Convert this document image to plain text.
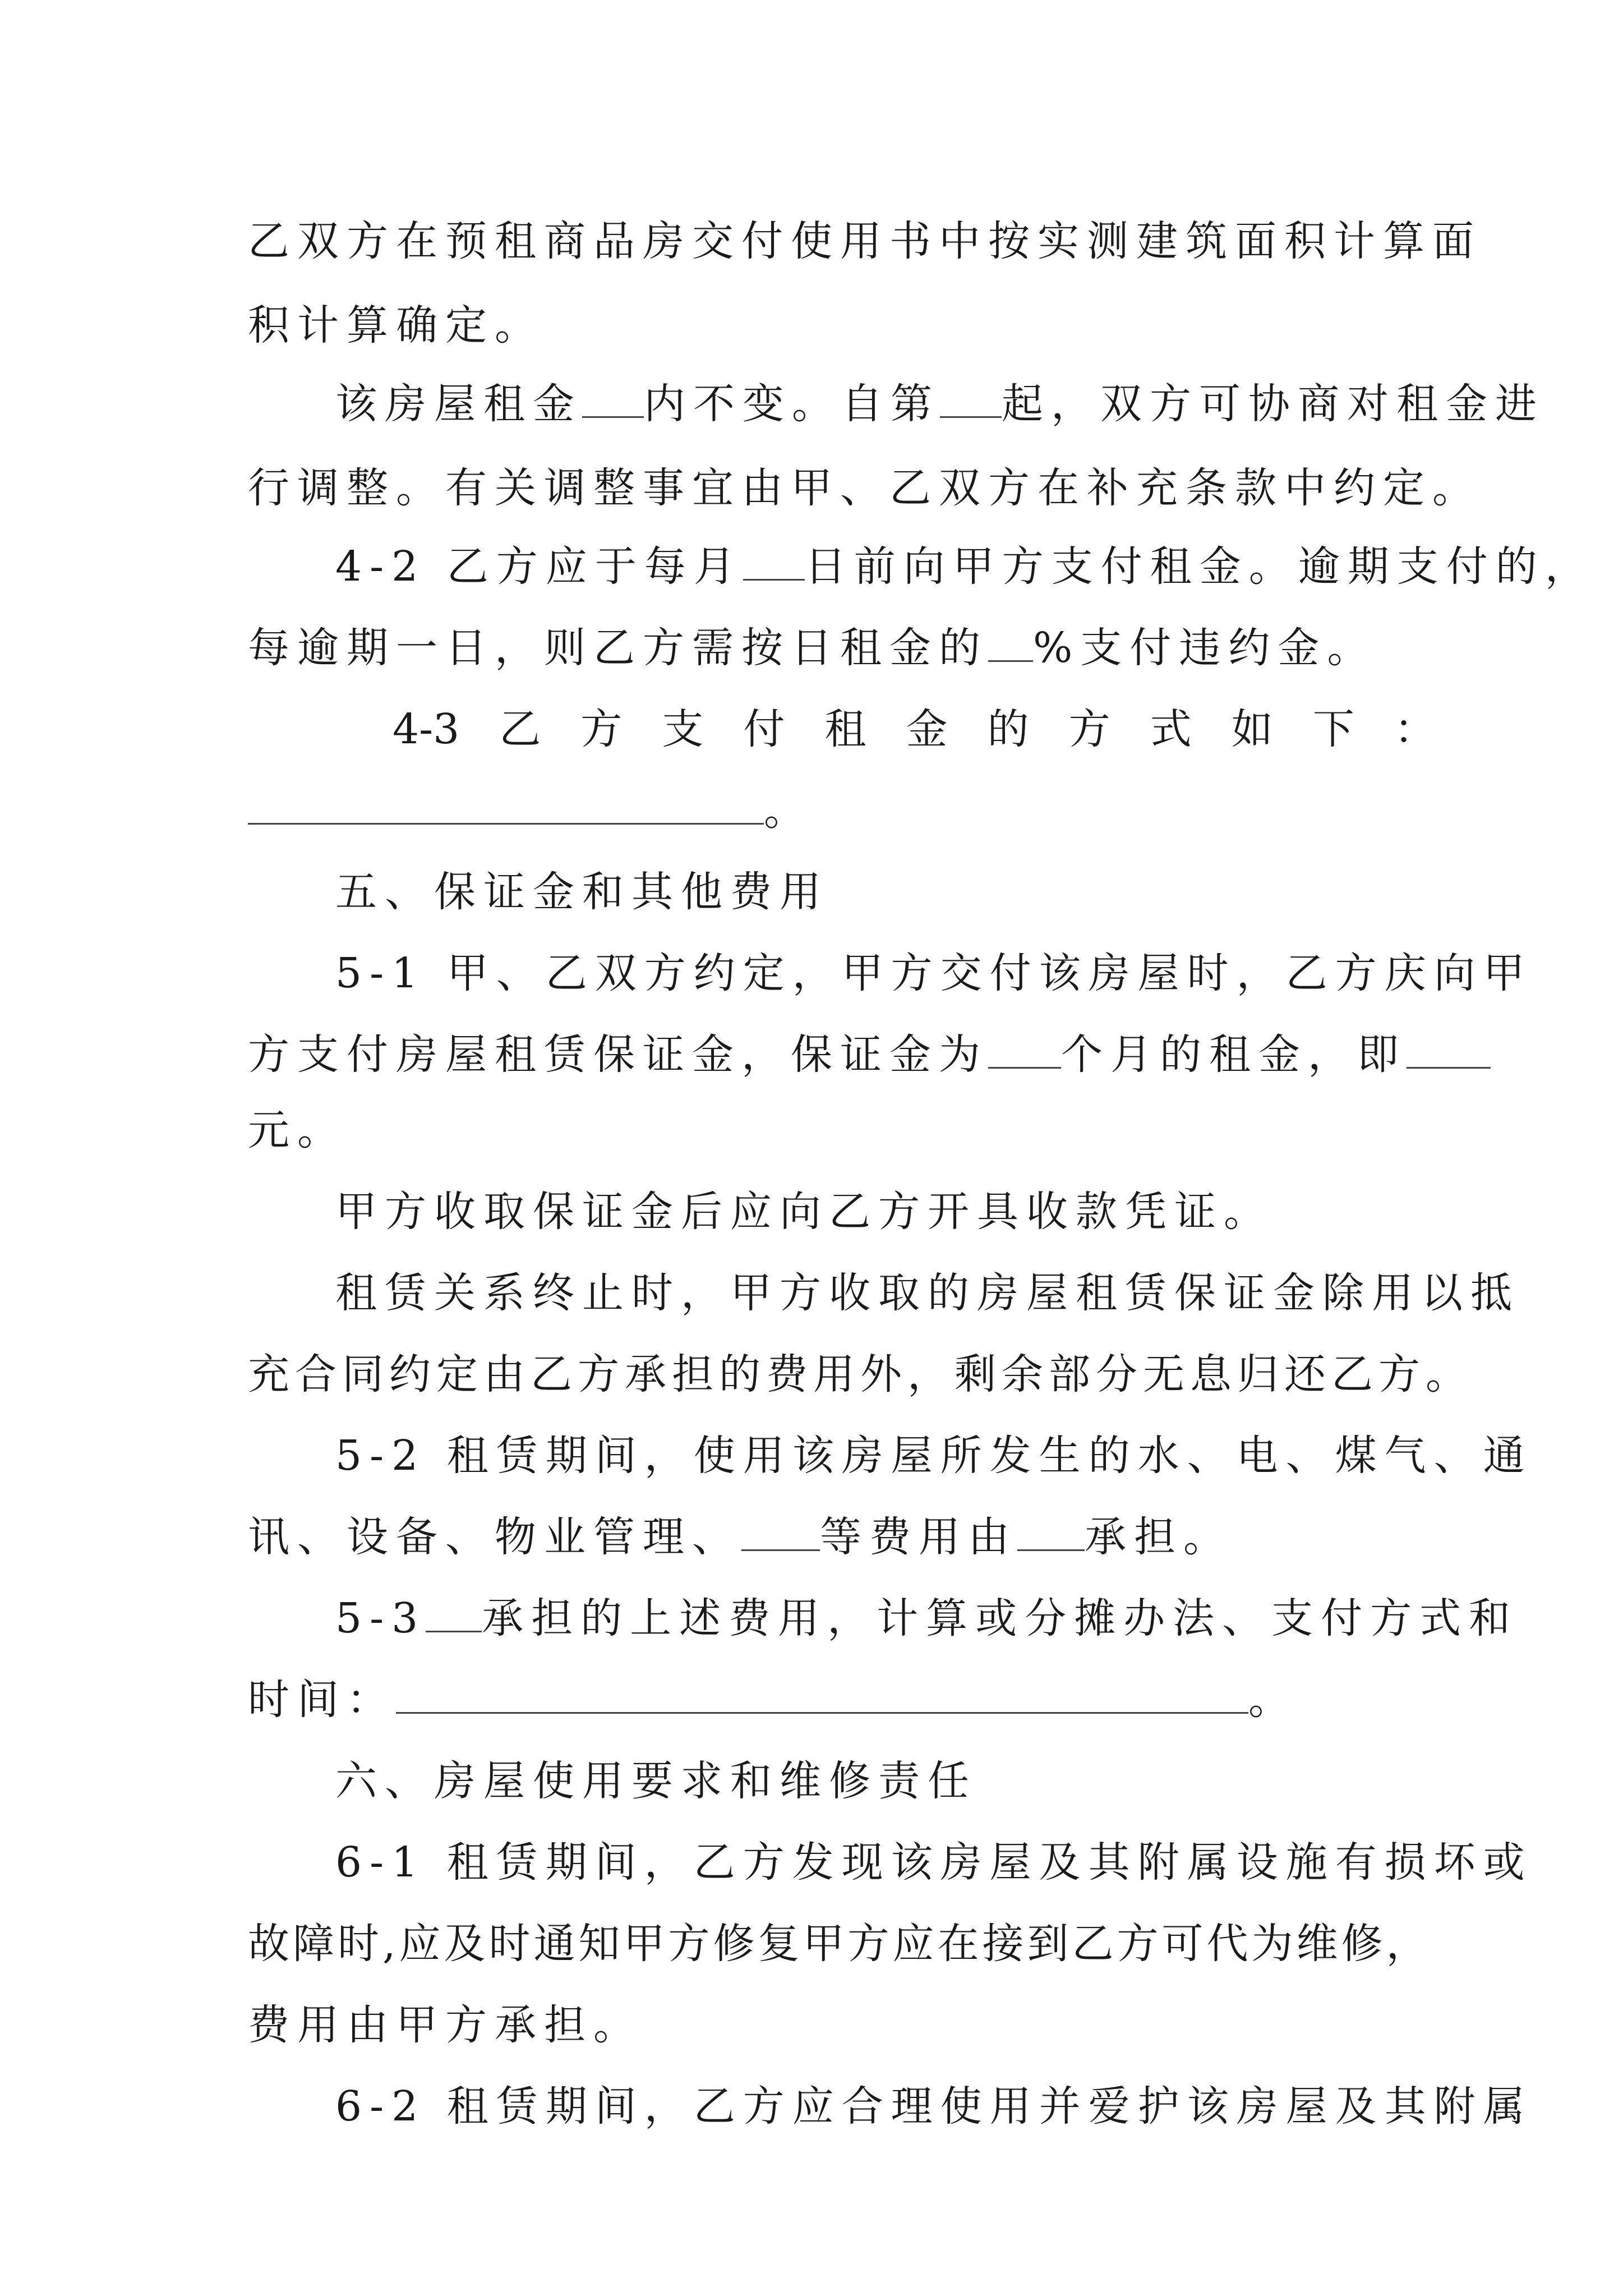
乙双方在预租商品房交付使用书中按实测建筑面积计算面
积计算确定。
该房屋租金 内不变。自第 起，双方可协商对租金进
行调整。有关调整事宜由甲、乙双方在补充条款中约定。
4-2 乙方应于每月 日前向甲方支付租金。逾期支付的，
每逾期一日，则乙方需按日租金的 %支付违约金。
4-3 乙 方 支 付 租 金 的 方 式 如 下 ：
。
五、保证金和其他费用
5-1 甲、乙双方约定，甲方交付该房屋时，乙方庆向甲
方支付房屋租赁保证金，保证金为 个月的租金，即
元。
甲方收取保证金后应向乙方开具收款凭证。
租赁关系终止时，甲方收取的房屋租赁保证金除用以抵
充合同约定由乙方承担的费用外，剩余部分无息归还乙方。
5-2 租赁期间，使用该房屋所发生的水、电、煤气、通
讯、设备、物业管理、 等费用由 承担。
5-3 承担的上述费用，计算或分摊办法、支付方式和
时间：	。
六、房屋使用要求和维修责任
6-1 租赁期间，乙方发现该房屋及其附属设施有损坏或
故障时,应及时通知甲方修复甲方应在接到乙方可代为维修，
费用由甲方承担。
6-2 租赁期间，乙方应合理使用并爱护该房屋及其附属
